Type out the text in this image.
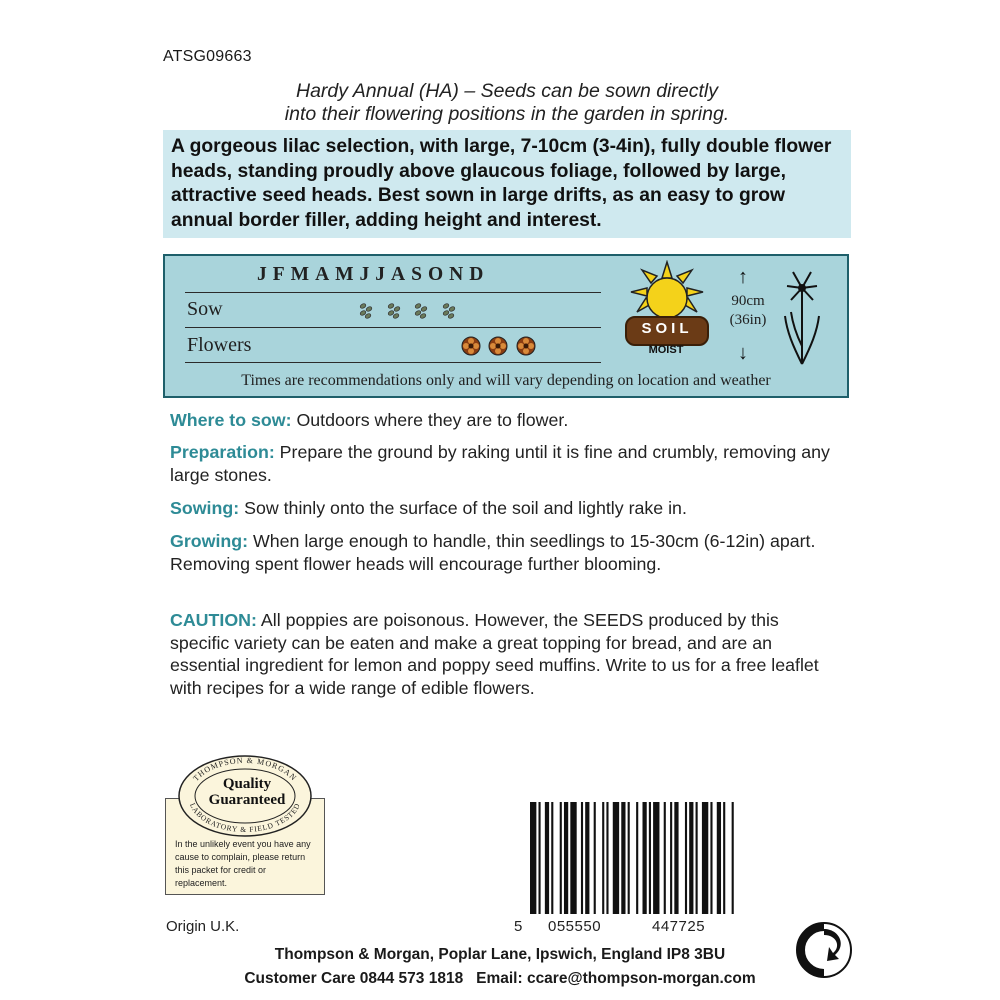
ATSG09663
Hardy Annual (HA) – Seeds can be sown directly
into their flowering positions in the garden in spring.
A gorgeous lilac selection, with large, 7-10cm (3-4in), fully double flower heads, standing proudly above glaucous foliage, followed by large, attractive seed heads. Best sown in large drifts, as an easy to grow annual border filler, adding height and interest.
JFMAMJJASOND
Sow
Flowers
SOIL
MOIST
↑
90cm
(36in)
↓
Times are recommendations only and will vary depending on location and weather
Where to sow: Outdoors where they are to flower.
Preparation: Prepare the ground by raking until it is fine and crumbly, removing any large stones.
Sowing: Sow thinly onto the surface of the soil and lightly rake in.
Growing: When large enough to handle, thin seedlings to 15-30cm (6-12in) apart. Removing spent flower heads will encourage further blooming.
CAUTION: All poppies are poisonous. However, the SEEDS produced by this specific variety can be eaten and make a great topping for bread, and are an essential ingredient for lemon and poppy seed muffins. Write to us for a free leaflet with recipes for a wide range of edible flowers.
THOMPSON & MORGAN
LABORATORY & FIELD TESTED
Quality
Guaranteed
In the unlikely event you have any cause to complain, please return this packet for credit or replacement.
Origin U.K.	5 055550	447725
Thompson & Morgan, Poplar Lane, Ipswich, England IP8 3BU
Customer Care 0844 573 1818   Email: ccare@thompson-morgan.com
